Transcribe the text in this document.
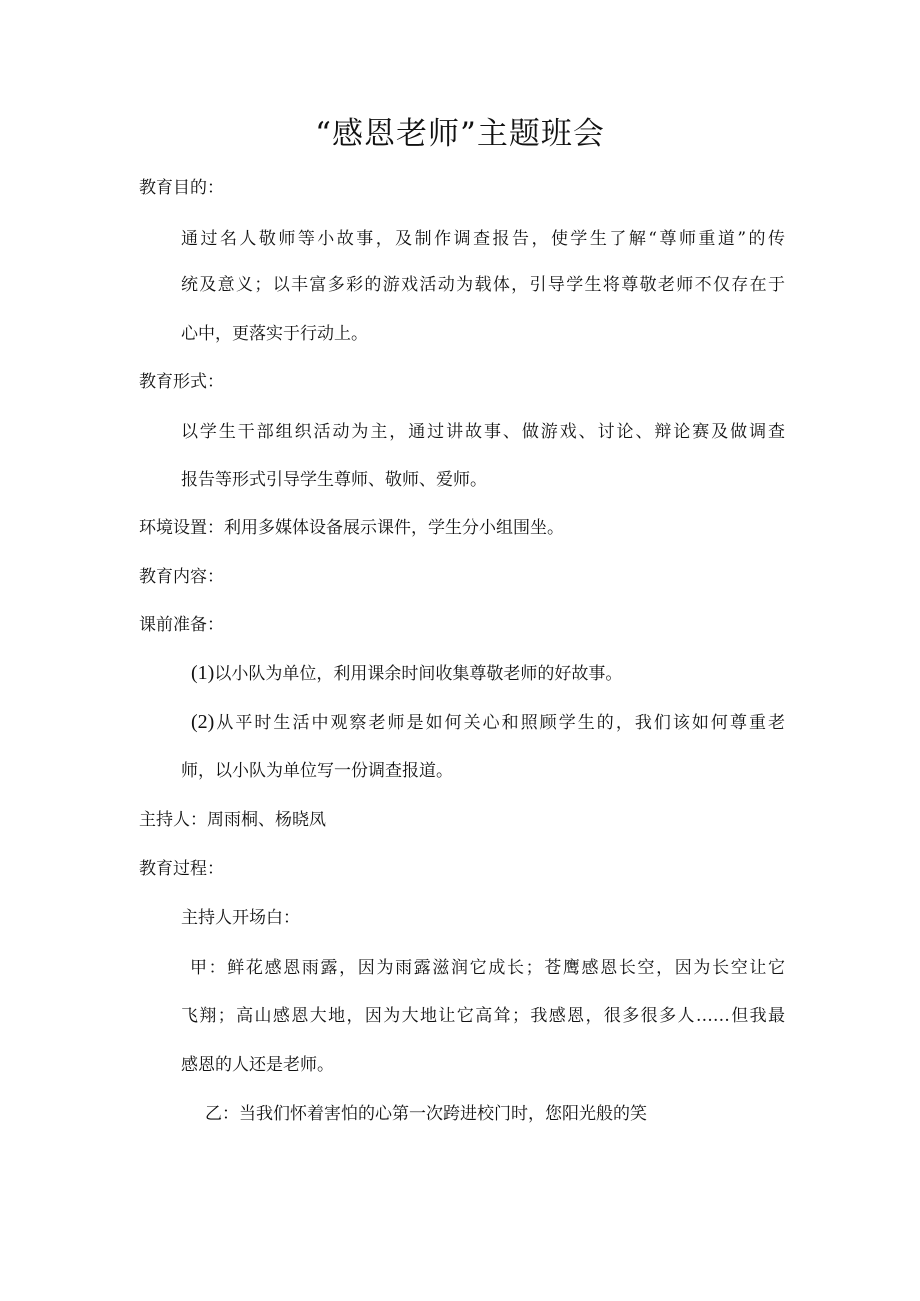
“感恩老师”主题班会
教育目的：
通过名人敬师等小故事，及制作调查报告，使学生了解“尊师重道”的传
统及意义；以丰富多彩的游戏活动为载体，引导学生将尊敬老师不仅存在于
心中，更落实于行动上。
教育形式：
以学生干部组织活动为主，通过讲故事、做游戏、讨论、辩论赛及做调查
报告等形式引导学生尊师、敬师、爱师。
环境设置：利用多媒体设备展示课件，学生分小组围坐。
教育内容：
课前准备：
(1)以小队为单位，利用课余时间收集尊敬老师的好故事。
(2)从平时生活中观察老师是如何关心和照顾学生的，我们该如何尊重老
师，以小队为单位写一份调查报道。
主持人：周雨桐、杨晓凤
教育过程：
主持人开场白：
甲：鲜花感恩雨露，因为雨露滋润它成长；苍鹰感恩长空，因为长空让它
飞翔；高山感恩大地，因为大地让它高耸；我感恩，很多很多人……但我最
感恩的人还是老师。
乙：当我们怀着害怕的心第一次跨进校门时，您阳光般的笑
